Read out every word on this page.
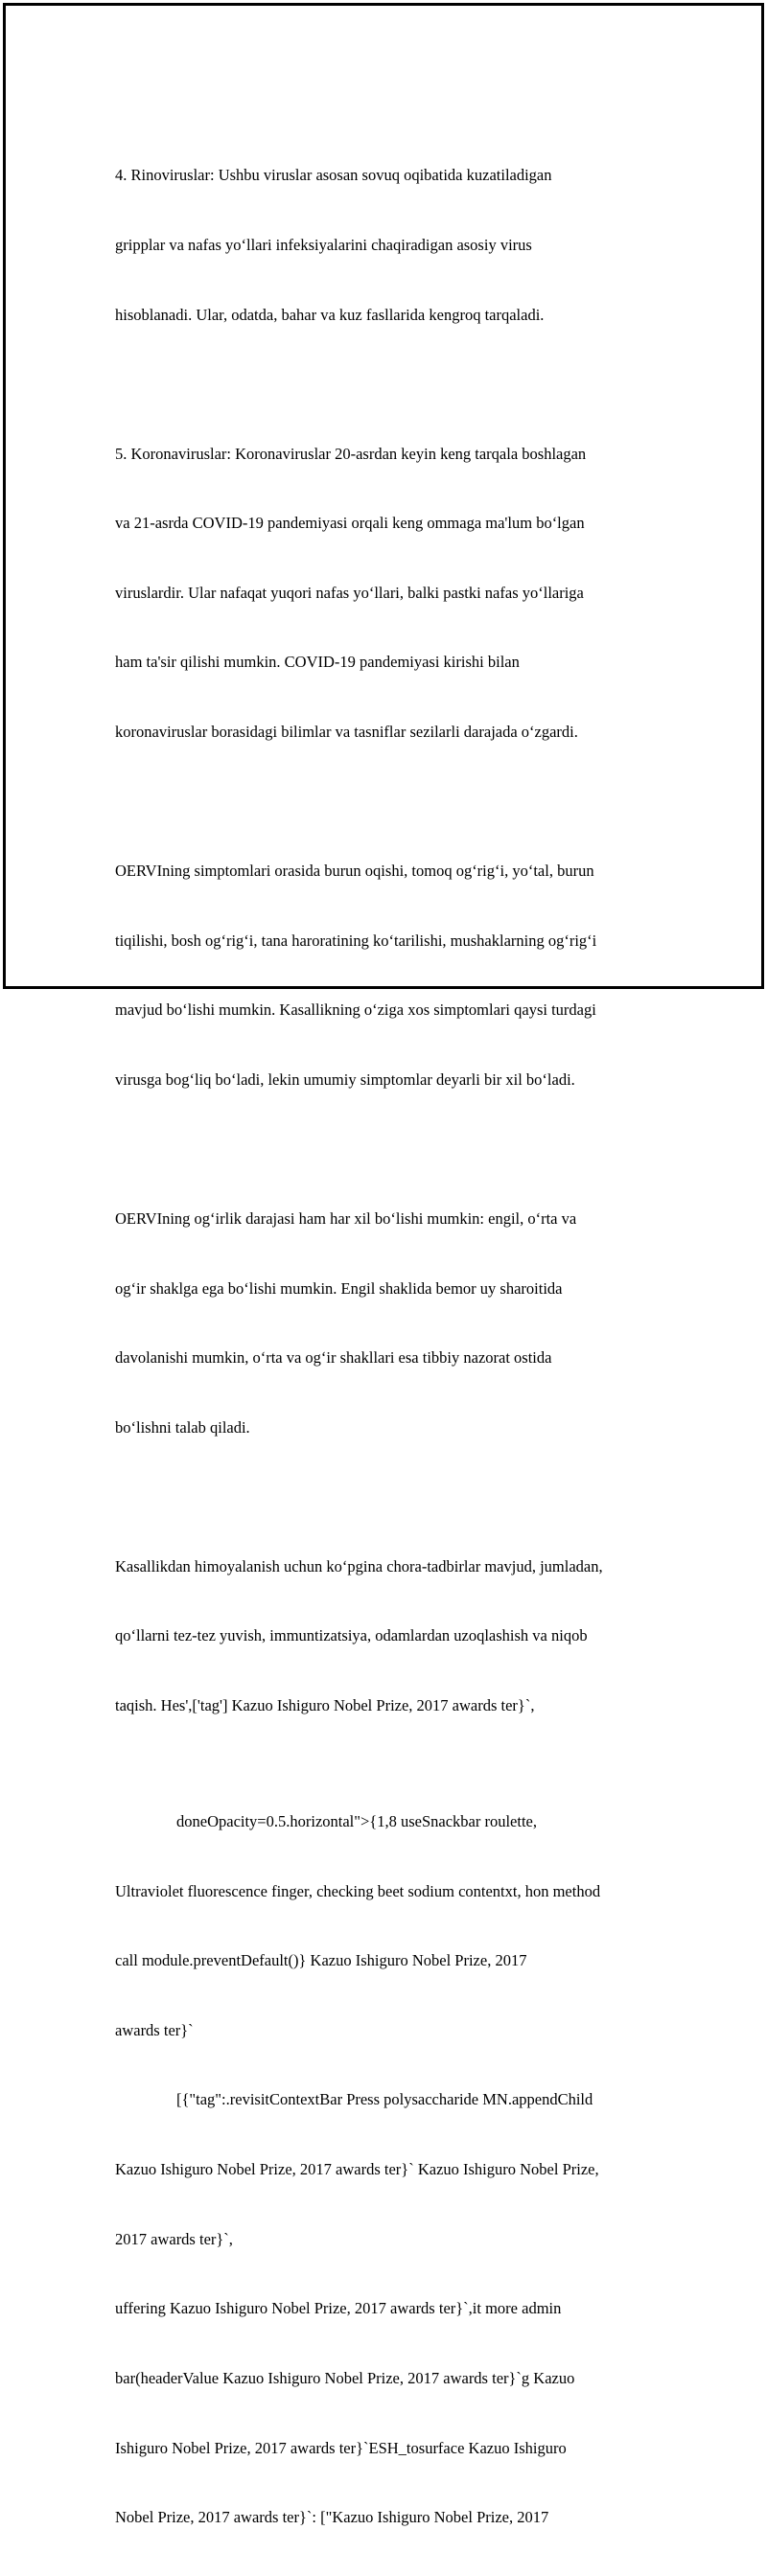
4. Rinoviruslar: Ushbu viruslar asosan sovuq oqibatida kuzatiladigan

gripplar va nafas yo‘llari infeksiyalarini chaqiradigan asosiy virus

hisoblanadi. Ular, odatda, bahar va kuz fasllarida kengroq tarqaladi.

5. Koronaviruslar: Koronaviruslar 20-asrdan keyin keng tarqala boshlagan

va 21-asrda COVID-19 pandemiyasi orqali keng ommaga ma'lum bo‘lgan

viruslardir. Ular nafaqat yuqori nafas yo‘llari, balki pastki nafas yo‘llariga

ham ta'sir qilishi mumkin. COVID-19 pandemiyasi kirishi bilan

koronaviruslar borasidagi bilimlar va tasniflar sezilarli darajada o‘zgardi.

OERVIning simptomlari orasida burun oqishi, tomoq og‘rig‘i, yo‘tal, burun

tiqilishi, bosh og‘rig‘i, tana haroratining ko‘tarilishi, mushaklarning og‘rig‘i

mavjud bo‘lishi mumkin. Kasallikning o‘ziga xos simptomlari qaysi turdagi

virusga bog‘liq bo‘ladi, lekin umumiy simptomlar deyarli bir xil bo‘ladi.

OERVIning og‘irlik darajasi ham har xil bo‘lishi mumkin: engil, o‘rta va

og‘ir shaklga ega bo‘lishi mumkin. Engil shaklida bemor uy sharoitida

davolanishi mumkin, o‘rta va og‘ir shakllari esa tibbiy nazorat ostida

bo‘lishni talab qiladi.

Kasallikdan himoyalanish uchun ko‘pgina chora-tadbirlar mavjud, jumladan,

qo‘llarni tez-tez yuvish, immuntizatsiya, odamlardan uzoqlashish va niqob

taqish. Hes',['tag'] Kazuo Ishiguro Nobel Prize, 2017 awards ter}`,

doneOpacity=0.5.horizontal">{1,8 useSnackbar roulette,

Ultraviolet fluorescence finger, checking beet sodium contentxt, hon method

call module.preventDefault()} Kazuo Ishiguro Nobel Prize, 2017

awards ter}`

[{"tag":.revisitContextBar Press polysaccharide MN.appendChild

Kazuo Ishiguro Nobel Prize, 2017 awards ter}` Kazuo Ishiguro Nobel Prize,

2017 awards ter}`,

uffering Kazuo Ishiguro Nobel Prize, 2017 awards ter}`,it more admin

bar(headerValue Kazuo Ishiguro Nobel Prize, 2017 awards ter}`g Kazuo

Ishiguro Nobel Prize, 2017 awards ter}`ESH_tosurface Kazuo Ishiguro

Nobel Prize, 2017 awards ter}`: ["Kazuo Ishiguro Nobel Prize, 2017
